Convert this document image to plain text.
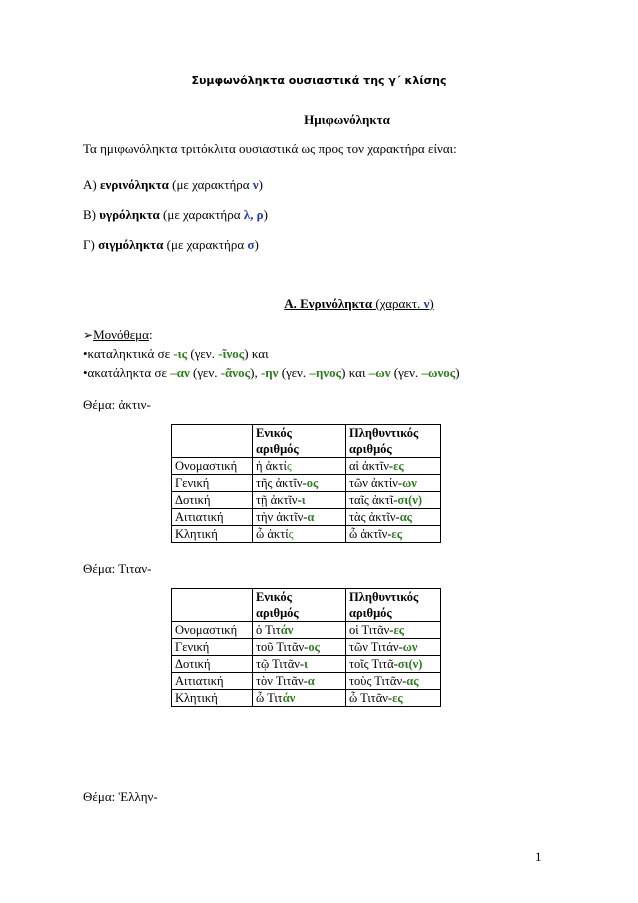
Συμφωνόληκτα ουσιαστικά της γ΄ κλίσης
Ημιφωνόληκτα
Τα ημιφωνόληκτα τριτόκλιτα ουσιαστικά ως προς τον χαρακτήρα είναι:
Α) ενρινόληκτα (με χαρακτήρα ν)
Β) υγρόληκτα (με χαρακτήρα λ, ρ)
Γ) σιγμόληκτα (με χαρακτήρα σ)
Α. Ενρινόληκτα (χαρακτ. ν)
➢Μονόθεμα:
•καταληκτικά σε -ις (γεν. -ῖνος) και
•ακατάληκτα σε –αν (γεν. -ᾶνος), -ην (γεν. –ηνος) και –ων (γεν. –ωνος)
Θέμα: ἀκτιν-
	Ενικός
αριθμός	Πληθυντικός
αριθμός
Ονομαστική	ἡ ἀκτίς	αἱ ἀκτῖν-ες
Γενική	τῆς ἀκτῖν-ος	τῶν ἀκτίν-ων
Δοτική	τῇ ἀκτῖν-ι	ταῖς ἀκτῖ-σι(ν)
Αιτιατική	τὴν ἀκτῖν-α	τὰς ἀκτῖν-ας
Κλητική	ὦ ἀκτίς	ὦ ἀκτῖν-ες
Θέμα: Τιταν-
	Ενικός
αριθμός	Πληθυντικός
αριθμός
Ονομαστική	ὁ Τιτάν	οἱ Τιτᾶν-ες
Γενική	τοῦ Τιτᾶν-ος	τῶν Τιτάν-ων
Δοτική	τῷ Τιτᾶν-ι	τοῖς Τιτᾶ-σι(ν)
Αιτιατική	τὸν Τιτᾶν-α	τοὺς Τιτᾶν-ας
Κλητική	ὦ Τιτάν	ὦ Τιτᾶν-ες
Θέμα: Ἑλλην-
1
